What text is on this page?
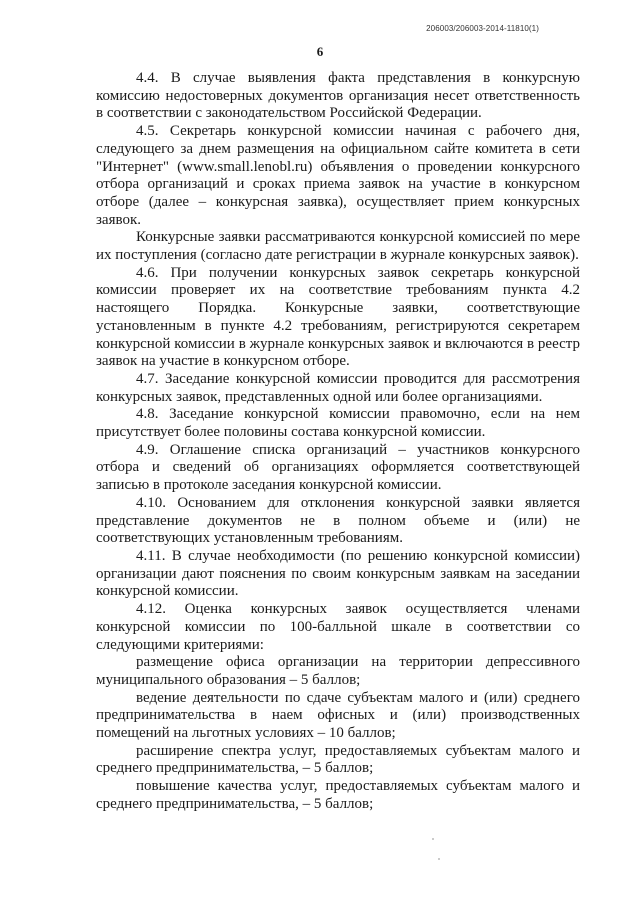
206003/206003-2014-11810(1)
6

4.4. В случае выявления факта представления в конкурсную комиссию недостоверных документов организация несет ответственность в соответствии с законодательством Российской Федерации.

4.5. Секретарь конкурсной комиссии начиная с рабочего дня, следующего за днем размещения на официальном сайте комитета в сети "Интернет" (www.small.lenobl.ru) объявления о проведении конкурсного отбора организаций и сроках приема заявок на участие в конкурсном отборе (далее – конкурсная заявка), осуществляет прием конкурсных заявок.

Конкурсные заявки рассматриваются конкурсной комиссией по мере их поступления (согласно дате регистрации в журнале конкурсных заявок).

4.6. При получении конкурсных заявок секретарь конкурсной комиссии проверяет их на соответствие требованиям пункта 4.2 настоящего Порядка. Конкурсные заявки, соответствующие установленным в пункте 4.2 требованиям, регистрируются секретарем конкурсной комиссии в журнале конкурсных заявок и включаются в реестр заявок на участие в конкурсном отборе.

4.7. Заседание конкурсной комиссии проводится для рассмотрения конкурсных заявок, представленных одной или более организациями.

4.8. Заседание конкурсной комиссии правомочно, если на нем присутствует более половины состава конкурсной комиссии.

4.9. Оглашение списка организаций – участников конкурсного отбора и сведений об организациях оформляется соответствующей записью в протоколе заседания конкурсной комиссии.

4.10. Основанием для отклонения конкурсной заявки является представление документов не в полном объеме и (или) не соответствующих установленным требованиям.

4.11. В случае необходимости (по решению конкурсной комиссии) организации дают пояснения по своим конкурсным заявкам на заседании конкурсной комиссии.

4.12. Оценка конкурсных заявок осуществляется членами конкурсной комиссии по 100-балльной шкале в соответствии со следующими критериями:

размещение офиса организации на территории депрессивного муниципального образования – 5 баллов;

ведение деятельности по сдаче субъектам малого и (или) среднего предпринимательства в наем офисных и (или) производственных помещений на льготных условиях – 10 баллов;

расширение спектра услуг, предоставляемых субъектам малого и среднего предпринимательства, – 5 баллов;

повышение качества услуг, предоставляемых субъектам малого и среднего предпринимательства, – 5 баллов;
